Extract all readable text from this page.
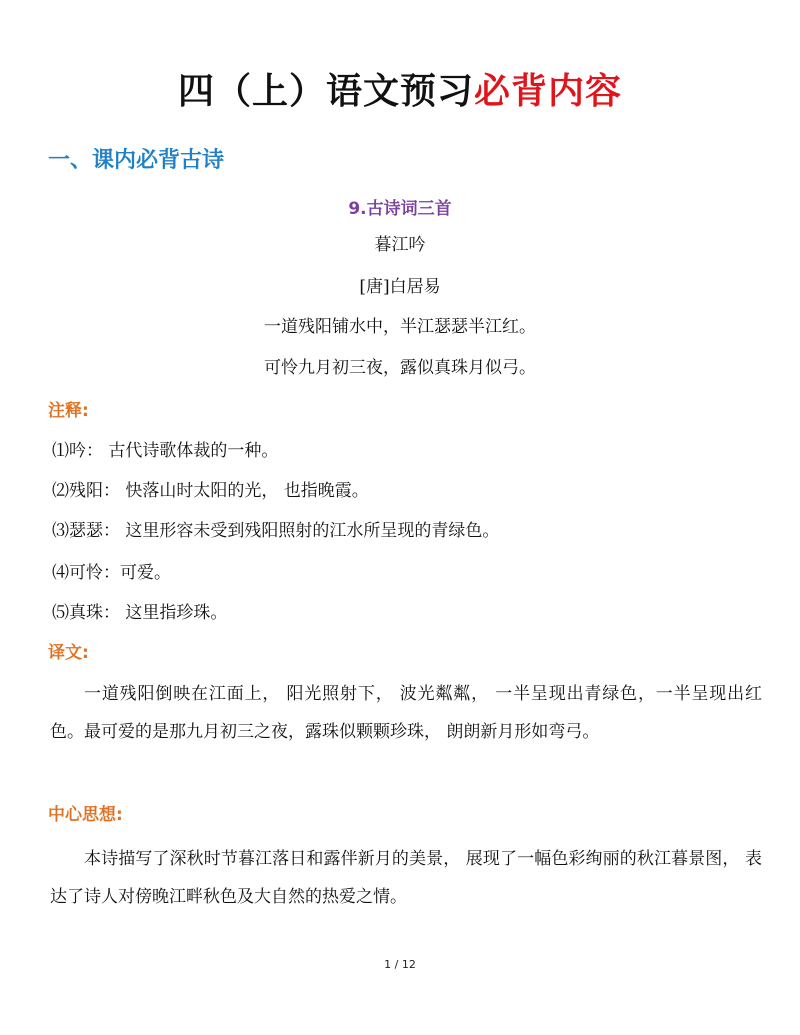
四（上）语文预习必背内容
一、课内必背古诗
9.古诗词三首
暮江吟
[唐]白居易
一道残阳铺水中，半江瑟瑟半江红。
可怜九月初三夜，露似真珠月似弓。
注释:
⑴吟： 古代诗歌体裁的一种。
⑵残阳： 快落山时太阳的光， 也指晚霞。
⑶瑟瑟： 这里形容未受到残阳照射的江水所呈现的青绿色。
⑷可怜：可爱。
⑸真珠： 这里指珍珠。
译文:
一道残阳倒映在江面上， 阳光照射下， 波光粼粼， 一半呈现出青绿色，一半呈现出红色。最可爱的是那九月初三之夜，露珠似颗颗珍珠， 朗朗新月形如弯弓。
中心思想:
本诗描写了深秋时节暮江落日和露伴新月的美景， 展现了一幅色彩绚丽的秋江暮景图， 表达了诗人对傍晚江畔秋色及大自然的热爱之情。
1 / 12
